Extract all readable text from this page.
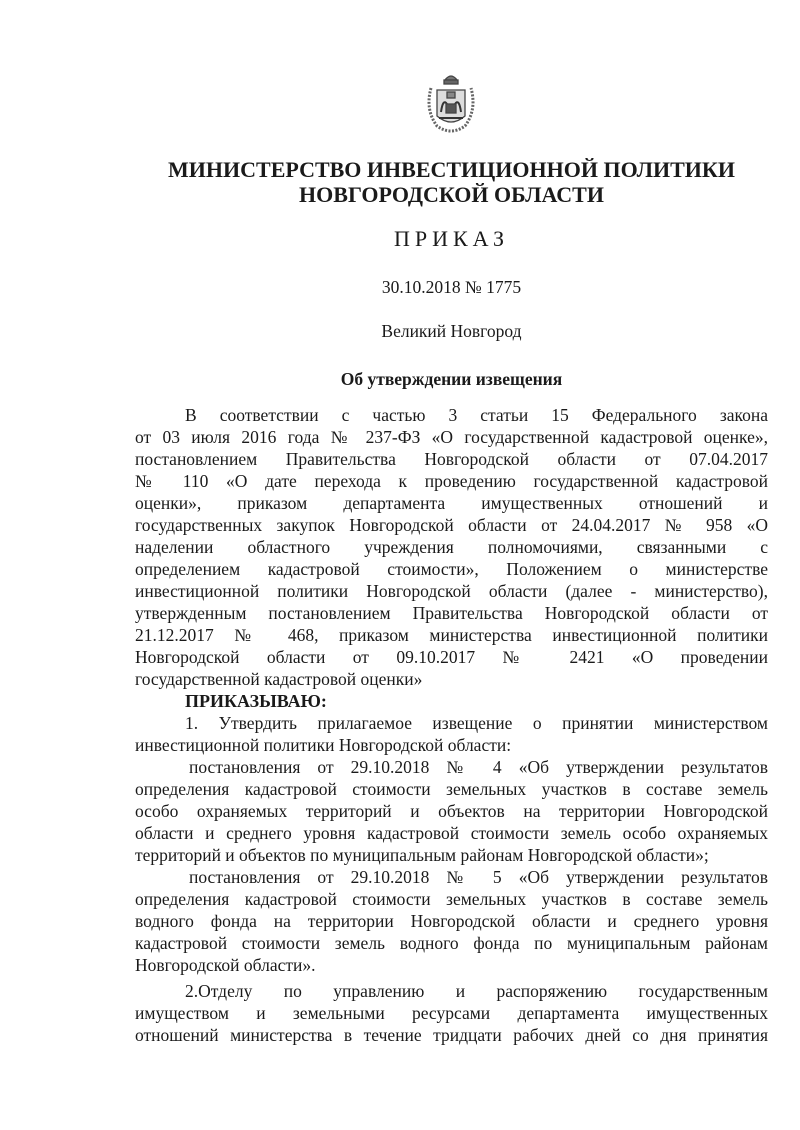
МИНИСТЕРСТВО ИНВЕСТИЦИОННОЙ ПОЛИТИКИ
НОВГОРОДСКОЙ ОБЛАСТИ
ПРИКАЗ
30.10.2018 № 1775
Великий Новгород
Об утверждении извещения
В соответствии с частью 3 статьи 15 Федерального закона
от 03 июля 2016 года № 237-ФЗ «О государственной кадастровой оценке»,
постановлением Правительства Новгородской области от 07.04.2017
№ 110 «О дате перехода к проведению государственной кадастровой
оценки», приказом департамента имущественных отношений и
государственных закупок Новгородской области от 24.04.2017 № 958 «О
наделении областного учреждения полномочиями, связанными с
определением кадастровой стоимости», Положением о министерстве
инвестиционной политики Новгородской области (далее - министерство),
утвержденным постановлением Правительства Новгородской области от
21.12.2017 № 468, приказом министерства инвестиционной политики
Новгородской области от 09.10.2017 № 2421 «О проведении
государственной кадастровой оценки»
ПРИКАЗЫВАЮ:
1. Утвердить прилагаемое извещение о принятии министерством
инвестиционной политики Новгородской области:
постановления от 29.10.2018 № 4 «Об утверждении результатов
определения кадастровой стоимости земельных участков в составе земель
особо охраняемых территорий и объектов на территории Новгородской
области и среднего уровня кадастровой стоимости земель особо охраняемых
территорий и объектов по муниципальным районам Новгородской области»;
постановления от 29.10.2018 № 5 «Об утверждении результатов
определения кадастровой стоимости земельных участков в составе земель
водного фонда на территории Новгородской области и среднего уровня
кадастровой стоимости земель водного фонда по муниципальным районам
Новгородской области».
2.Отделу по управлению и распоряжению государственным
имуществом и земельными ресурсами департамента имущественных
отношений министерства в течение тридцати рабочих дней со дня принятия
